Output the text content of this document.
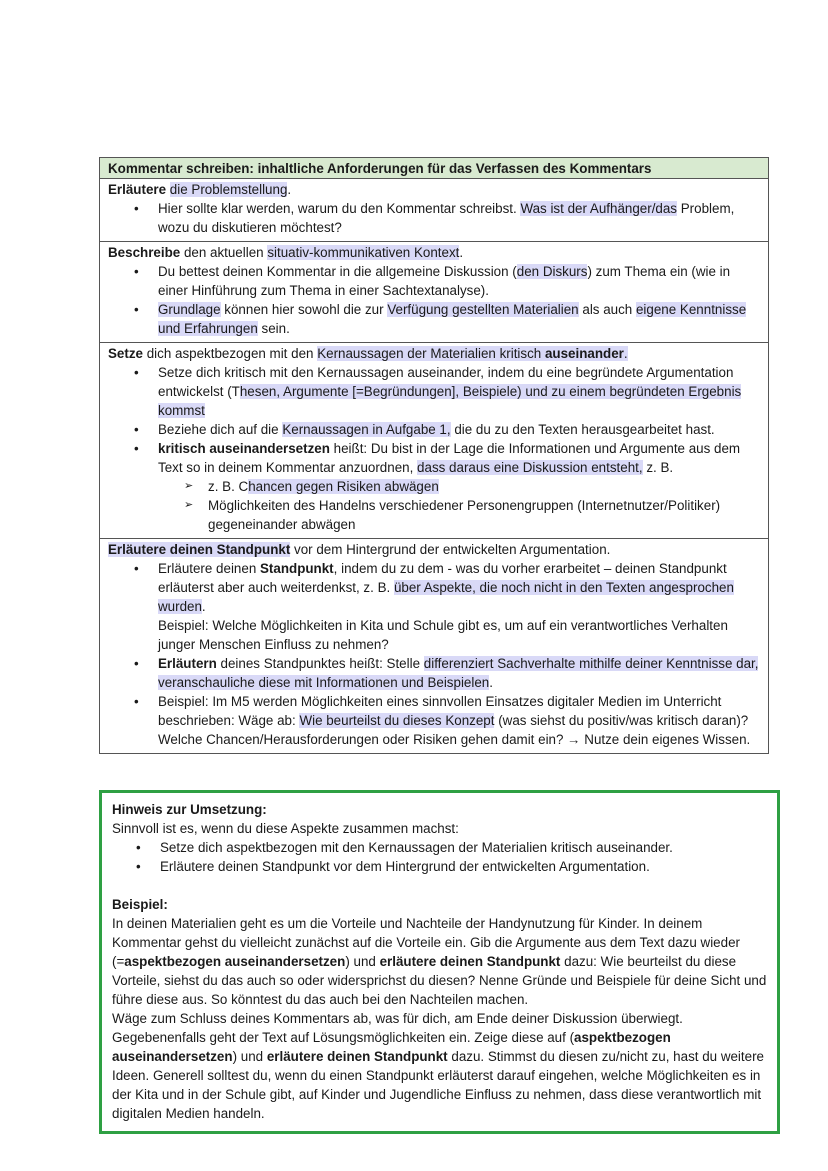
Kommentar schreiben: inhaltliche Anforderungen für das Verfassen des Kommentars

Erläutere die Problemstellung.
• Hier sollte klar werden, warum du den Kommentar schreibst. Was ist der Aufhänger/das Problem, wozu du diskutieren möchtest?

Beschreibe den aktuellen situativ-kommunikativen Kontext.
• Du bettest deinen Kommentar in die allgemeine Diskussion (den Diskurs) zum Thema ein (wie in einer Hinführung zum Thema in einer Sachtextanalyse).
• Grundlage können hier sowohl die zur Verfügung gestellten Materialien als auch eigene Kenntnisse und Erfahrungen sein.

Setze dich aspektbezogen mit den Kernaussagen der Materialien kritisch auseinander.
• Setze dich kritisch mit den Kernaussagen auseinander, indem du eine begründete Argumentation entwickelst (Thesen, Argumente [=Begründungen], Beispiele) und zu einem begründeten Ergebnis kommst
• Beziehe dich auf die Kernaussagen in Aufgabe 1, die du zu den Texten herausgearbeitet hast.
• kritisch auseinandersetzen heißt: Du bist in der Lage die Informationen und Argumente aus dem Text so in deinem Kommentar anzuordnen, dass daraus eine Diskussion entsteht, z. B.
➢ z. B. Chancen gegen Risiken abwägen
➢ Möglichkeiten des Handelns verschiedener Personengruppen (Internetnutzer/Politiker) gegeneinander abwägen

Erläutere deinen Standpunkt vor dem Hintergrund der entwickelten Argumentation.
• Erläutere deinen Standpunkt, indem du zu dem - was du vorher erarbeitet – deinen Standpunkt erläuterst aber auch weiterdenkst, z. B. über Aspekte, die noch nicht in den Texten angesprochen wurden.
Beispiel: Welche Möglichkeiten in Kita und Schule gibt es, um auf ein verantwortliches Verhalten junger Menschen Einfluss zu nehmen?
• Erläutern deines Standpunktes heißt: Stelle differenziert Sachverhalte mithilfe deiner Kenntnisse dar, veranschauliche diese mit Informationen und Beispielen.
• Beispiel: Im M5 werden Möglichkeiten eines sinnvollen Einsatzes digitaler Medien im Unterricht beschrieben: Wäge ab: Wie beurteilst du dieses Konzept (was siehst du positiv/was kritisch daran)? Welche Chancen/Herausforderungen oder Risiken gehen damit ein? → Nutze dein eigenes Wissen.

Hinweis zur Umsetzung:

Sinnvoll ist es, wenn du diese Aspekte zusammen machst:

• Setze dich aspektbezogen mit den Kernaussagen der Materialien kritisch auseinander.
• Erläutere deinen Standpunkt vor dem Hintergrund der entwickelten Argumentation.

Beispiel:

In deinen Materialien geht es um die Vorteile und Nachteile der Handynutzung für Kinder. In deinem Kommentar gehst du vielleicht zunächst auf die Vorteile ein. Gib die Argumente aus dem Text dazu wieder (=aspektbezogen auseinandersetzen) und erläutere deinen Standpunkt dazu: Wie beurteilst du diese Vorteile, siehst du das auch so oder widersprichst du diesen? Nenne Gründe und Beispiele für deine Sicht und führe diese aus. So könntest du das auch bei den Nachteilen machen.

Wäge zum Schluss deines Kommentars ab, was für dich, am Ende deiner Diskussion überwiegt. Gegebenenfalls geht der Text auf Lösungsmöglichkeiten ein. Zeige diese auf (aspektbezogen auseinandersetzen) und erläutere deinen Standpunkt dazu. Stimmst du diesen zu/nicht zu, hast du weitere Ideen. Generell solltest du, wenn du einen Standpunkt erläuterst darauf eingehen, welche Möglichkeiten es in der Kita und in der Schule gibt, auf Kinder und Jugendliche Einfluss zu nehmen, dass diese verantwortlich mit digitalen Medien handeln.
